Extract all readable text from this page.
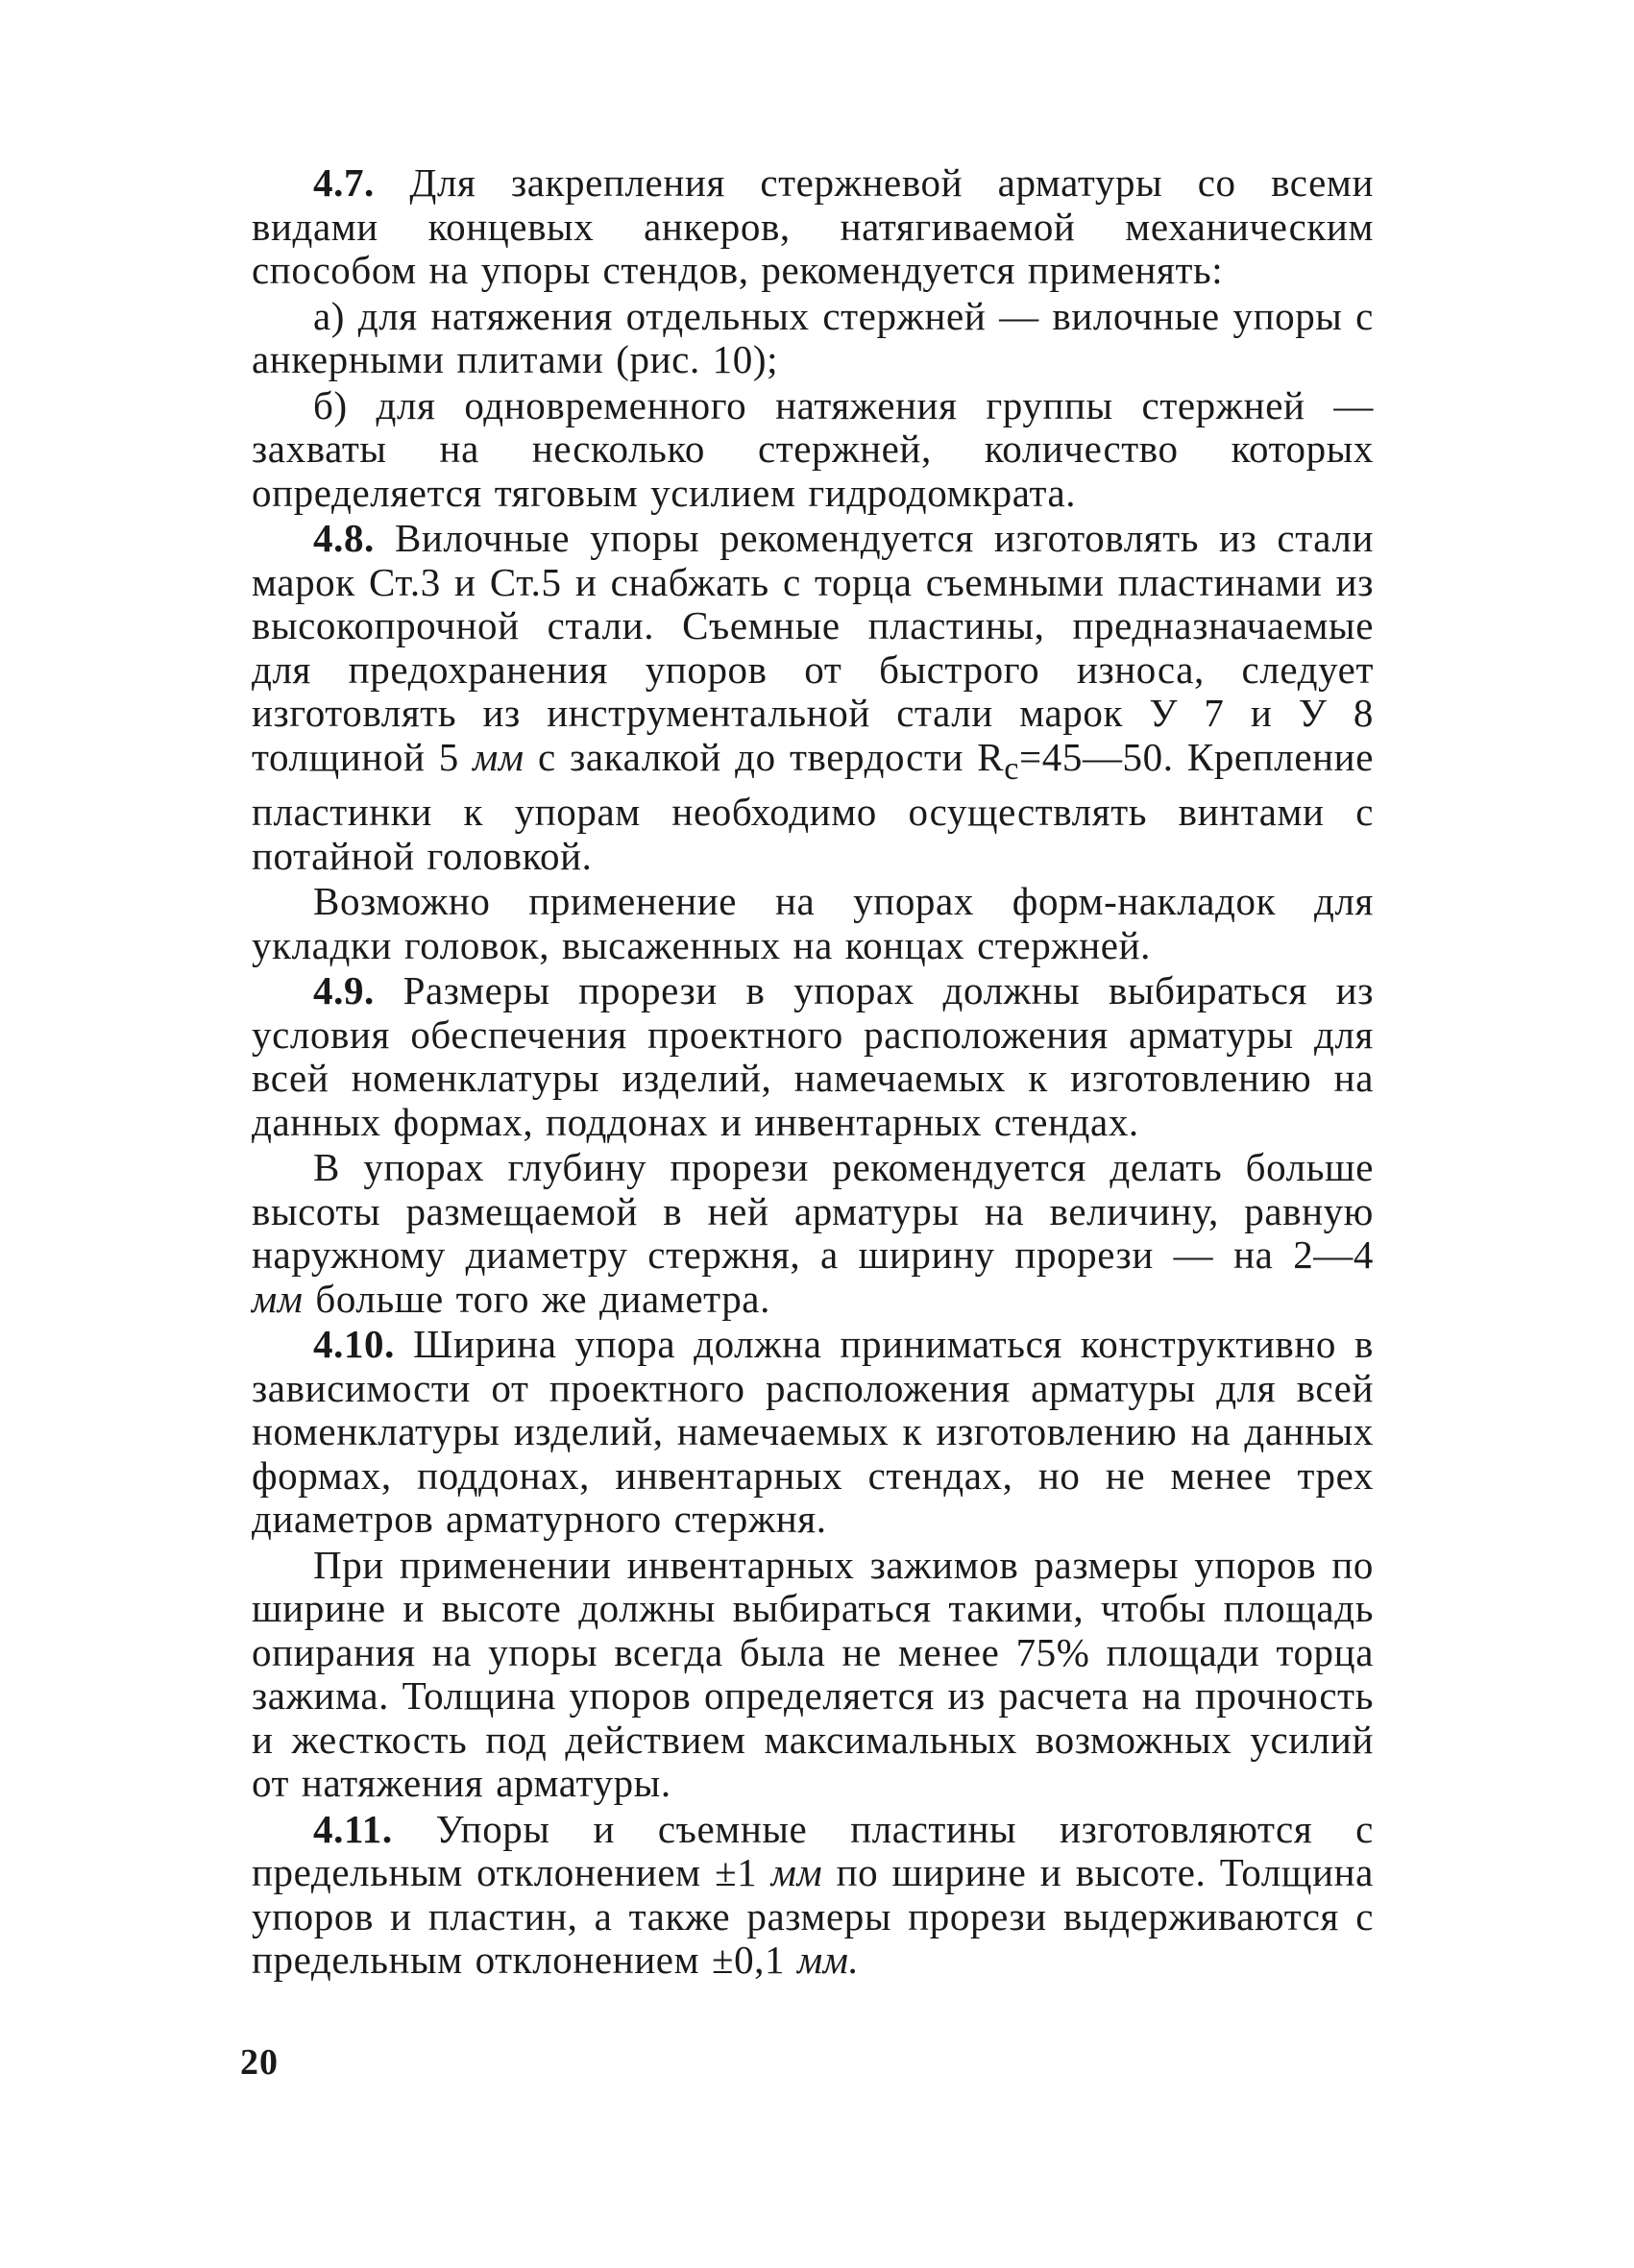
4.7. Для закрепления стержневой арматуры со всеми видами концевых анкеров, натягиваемой механическим способом на упоры стендов, рекомендуется применять:

а) для натяжения отдельных стержней — вилочные упоры с анкерными плитами (рис. 10);

б) для одновременного натяжения группы стержней — захваты на несколько стержней, количество которых определяется тяговым усилием гидродомкрата.

4.8. Вилочные упоры рекомендуется изготовлять из стали марок Ст.3 и Ст.5 и снабжать с торца съемными пластинами из высокопрочной стали. Съемные пластины, предназначаемые для предохранения упоров от быстрого износа, следует изготовлять из инструментальной стали марок У 7 и У 8 толщиной 5 мм с закалкой до твердости $R_c=45—50$. Крепление пластинки к упорам необходимо осуществлять винтами с потайной головкой.

Возможно применение на упорах форм-накладок для укладки головок, высаженных на концах стержней.

4.9. Размеры прорези в упорах должны выбираться из условия обеспечения проектного расположения арматуры для всей номенклатуры изделий, намечаемых к изготовлению на данных формах, поддонах и инвентарных стендах.

В упорах глубину прорези рекомендуется делать больше высоты размещаемой в ней арматуры на величину, равную наружному диаметру стержня, а ширину прорези — на 2—4 мм больше того же диаметра.

4.10. Ширина упора должна приниматься конструктивно в зависимости от проектного расположения арматуры для всей номенклатуры изделий, намечаемых к изготовлению на данных формах, поддонах, инвентарных стендах, но не менее трех диаметров арматурного стержня.

При применении инвентарных зажимов размеры упоров по ширине и высоте должны выбираться такими, чтобы площадь опирания на упоры всегда была не менее 75% площади торца зажима. Толщина упоров определяется из расчета на прочность и жесткость под действием максимальных возможных усилий от натяжения арматуры.

4.11. Упоры и съемные пластины изготовляются с предельным отклонением ±1 мм по ширине и высоте. Толщина упоров и пластин, а также размеры прорези выдерживаются с предельным отклонением ±0,1 мм.

20
